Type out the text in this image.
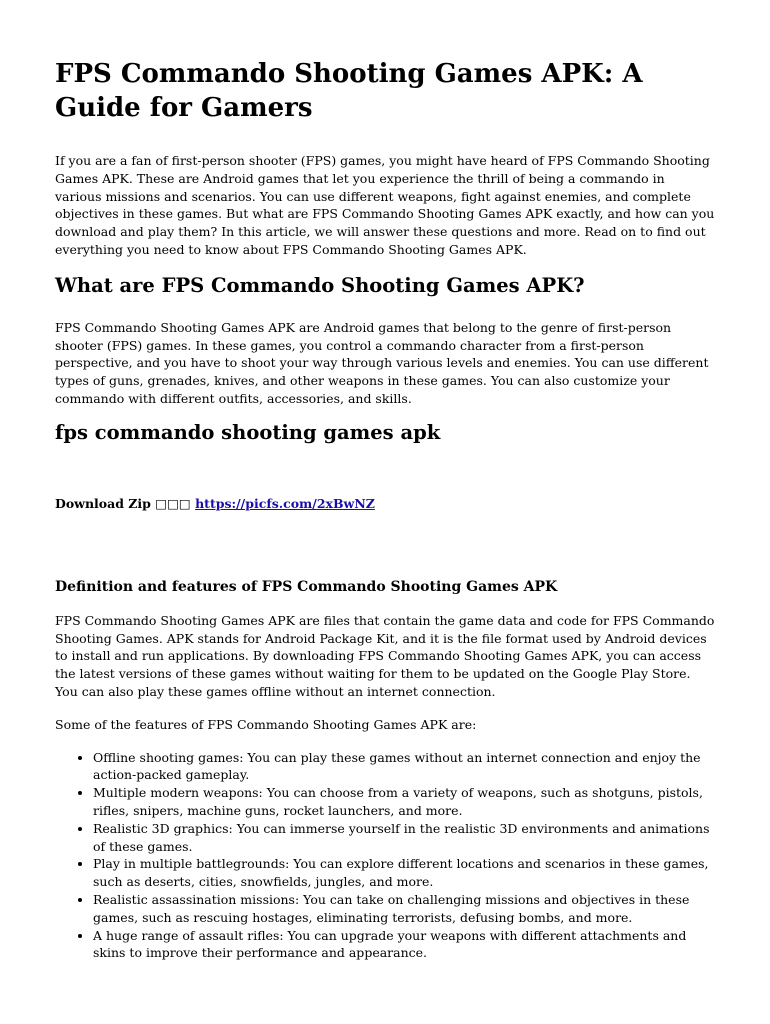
FPS Commando Shooting Games APK: A Guide for Gamers

If you are a fan of first-person shooter (FPS) games, you might have heard of FPS Commando Shooting Games APK. These are Android games that let you experience the thrill of being a commando in various missions and scenarios. You can use different weapons, fight against enemies, and complete objectives in these games. But what are FPS Commando Shooting Games APK exactly, and how can you download and play them? In this article, we will answer these questions and more. Read on to find out everything you need to know about FPS Commando Shooting Games APK.

What are FPS Commando Shooting Games APK?

FPS Commando Shooting Games APK are Android games that belong to the genre of first-person shooter (FPS) games. In these games, you control a commando character from a first-person perspective, and you have to shoot your way through various levels and enemies. You can use different types of guns, grenades, knives, and other weapons in these games. You can also customize your commando with different outfits, accessories, and skills.

fps commando shooting games apk
Download Zip □□□ https://picfs.com/2xBwNZ
Definition and features of FPS Commando Shooting Games APK

FPS Commando Shooting Games APK are files that contain the game data and code for FPS Commando Shooting Games. APK stands for Android Package Kit, and it is the file format used by Android devices to install and run applications. By downloading FPS Commando Shooting Games APK, you can access the latest versions of these games without waiting for them to be updated on the Google Play Store. You can also play these games offline without an internet connection.

Some of the features of FPS Commando Shooting Games APK are:

• Offline shooting games: You can play these games without an internet connection and enjoy the action-packed gameplay.
• Multiple modern weapons: You can choose from a variety of weapons, such as shotguns, pistols, rifles, snipers, machine guns, rocket launchers, and more.
• Realistic 3D graphics: You can immerse yourself in the realistic 3D environments and animations of these games.
• Play in multiple battlegrounds: You can explore different locations and scenarios in these games, such as deserts, cities, snowfields, jungles, and more.
• Realistic assassination missions: You can take on challenging missions and objectives in these games, such as rescuing hostages, eliminating terrorists, defusing bombs, and more.
• A huge range of assault rifles: You can upgrade your weapons with different attachments and skins to improve their performance and appearance.
